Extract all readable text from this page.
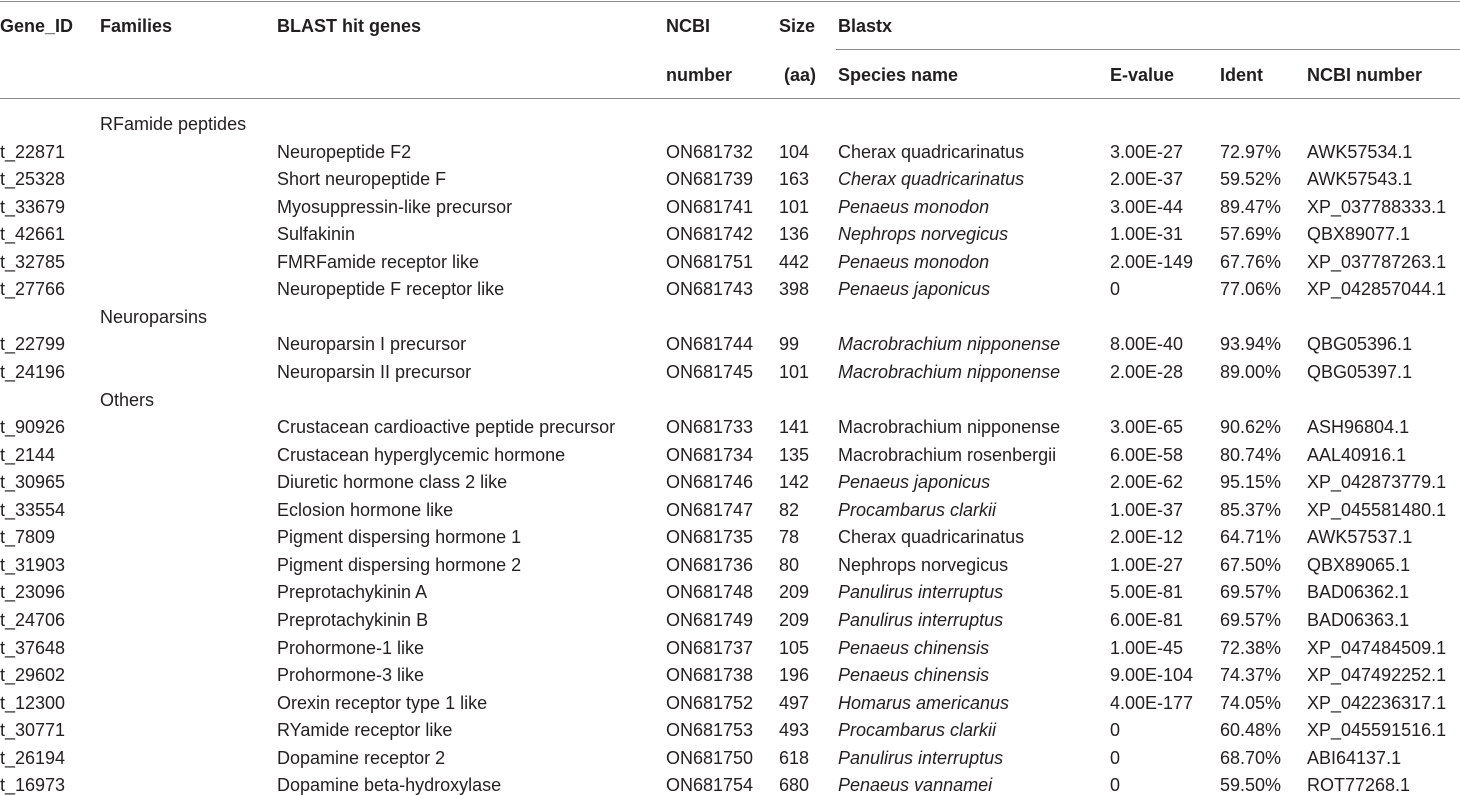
Gene_ID Families	BLAST hit genes	NCBI	Size Blastx
number	(aa) Species name	E-value	Ident NCBI number
RFamide peptides
t_22871	Neuropeptide F2	ON681732 104 Cherax quadricarinatus	3.00E-27 72.97% AWK57534.1
t_25328	Short neuropeptide F	ON681739 163 Cherax quadricarinatus	2.00E-37 59.52% AWK57543.1
t_33679	Myosuppressin-like precursor	ON681741 101 Penaeus monodon	3.00E-44 89.47% XP_037788333.1
t_42661	Sulfakinin	ON681742 136 Nephrops norvegicus	1.00E-31 57.69% QBX89077.1
t_32785	FMRFamide receptor like	ON681751 442 Penaeus monodon	2.00E-149 67.76% XP_037787263.1
t_27766	Neuropeptide F receptor like	ON681743 398 Penaeus japonicus	0	77.06% XP_042857044.1
Neuroparsins
t_22799	Neuroparsin I precursor	ON681744 99 Macrobrachium nipponense	8.00E-40 93.94% QBG05396.1
t_24196	Neuroparsin II precursor	ON681745 101 Macrobrachium nipponense	2.00E-28 89.00% QBG05397.1
Others
t_90926	Crustacean cardioactive peptide precursor	ON681733 141 Macrobrachium nipponense	3.00E-65 90.62% ASH96804.1
t_2144	Crustacean hyperglycemic hormone	ON681734 135 Macrobrachium rosenbergii	6.00E-58 80.74% AAL40916.1
t_30965	Diuretic hormone class 2 like	ON681746 142 Penaeus japonicus	2.00E-62 95.15% XP_042873779.1
t_33554	Eclosion hormone like	ON681747 82 Procambarus clarkii	1.00E-37 85.37% XP_045581480.1
t_7809	Pigment dispersing hormone 1	ON681735 78 Cherax quadricarinatus	2.00E-12 64.71% AWK57537.1
t_31903	Pigment dispersing hormone 2	ON681736 80 Nephrops norvegicus	1.00E-27 67.50% QBX89065.1
t_23096	Preprotachykinin A	ON681748 209 Panulirus interruptus	5.00E-81 69.57% BAD06362.1
t_24706	Preprotachykinin B	ON681749 209 Panulirus interruptus	6.00E-81 69.57% BAD06363.1
t_37648	Prohormone-1 like	ON681737 105 Penaeus chinensis	1.00E-45 72.38% XP_047484509.1
t_29602	Prohormone-3 like	ON681738 196 Penaeus chinensis	9.00E-104 74.37% XP_047492252.1
t_12300	Orexin receptor type 1 like	ON681752 497 Homarus americanus	4.00E-177 74.05% XP_042236317.1
t_30771	RYamide receptor like	ON681753 493 Procambarus clarkii	0	60.48% XP_045591516.1
t_26194	Dopamine receptor 2	ON681750 618 Panulirus interruptus	0	68.70% ABI64137.1
t_16973	Dopamine beta-hydroxylase	ON681754 680 Penaeus vannamei	0	59.50% ROT77268.1
